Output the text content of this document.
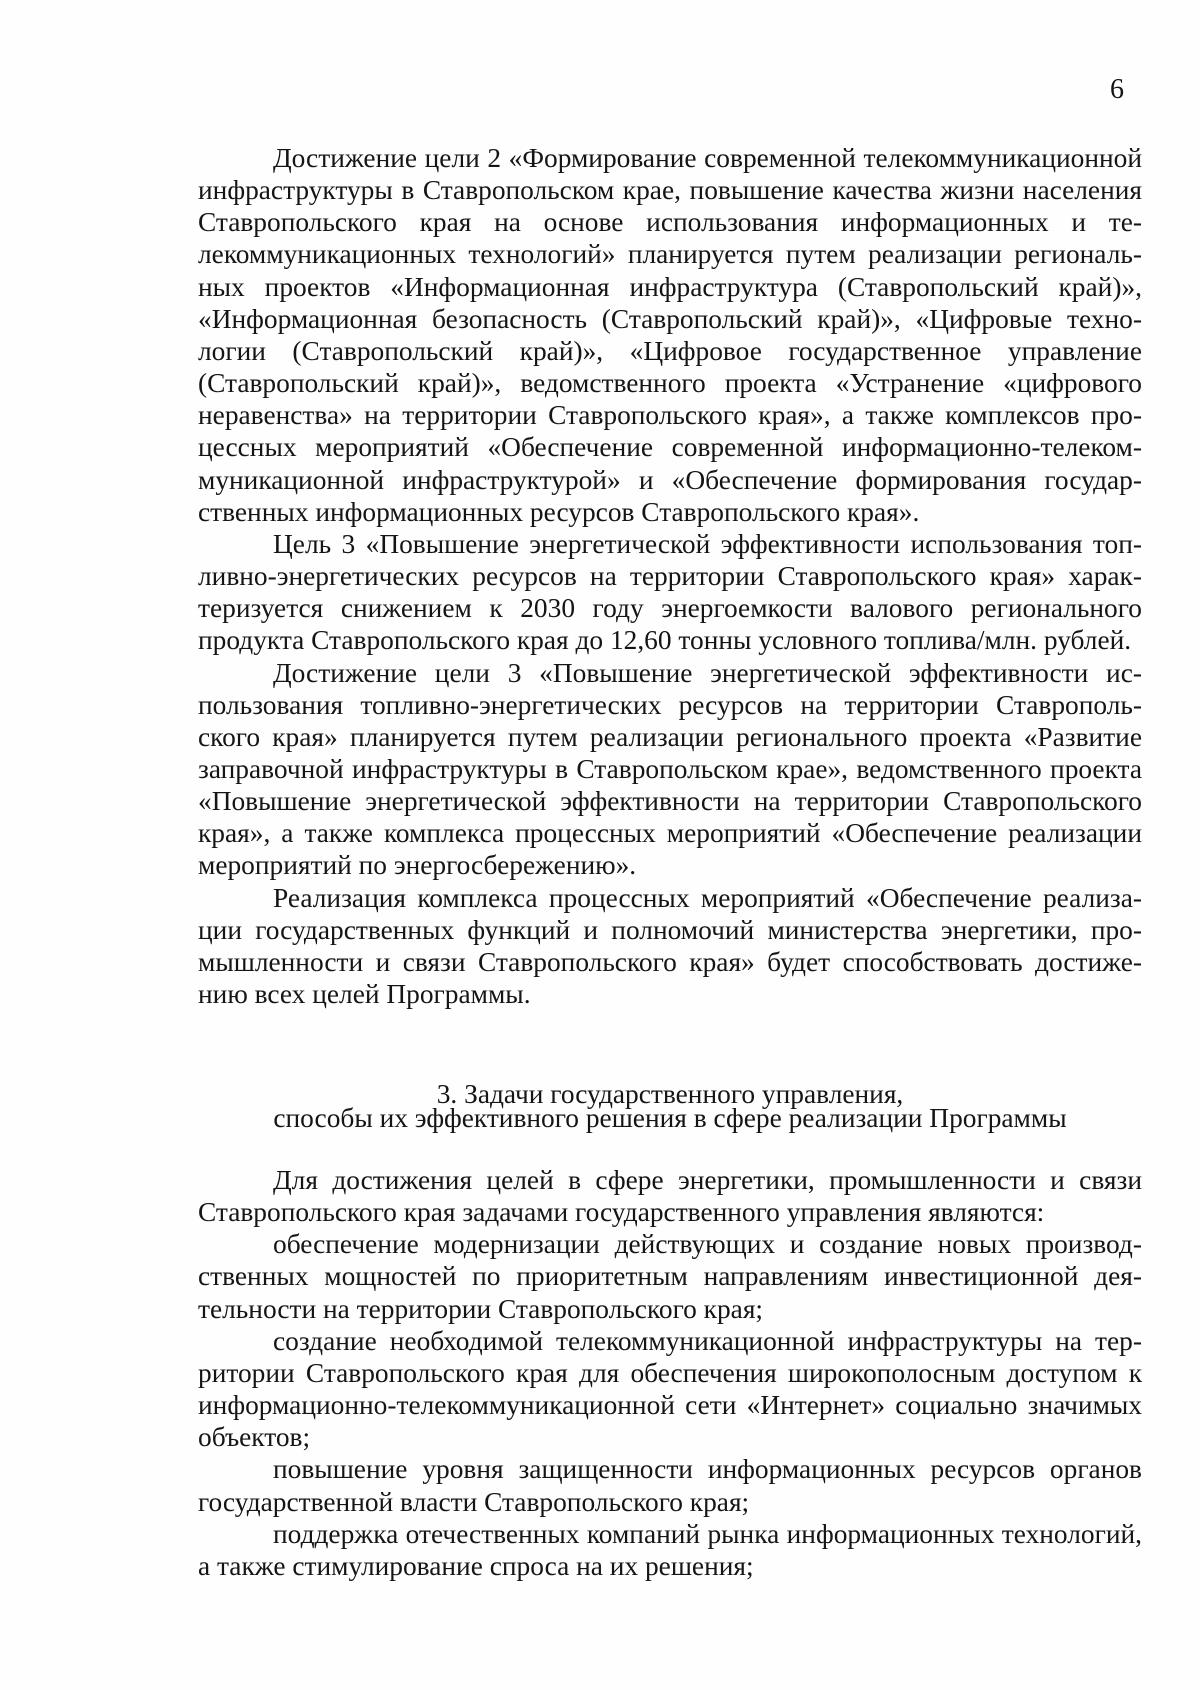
6

Достижение цели 2 «Формирование современной телекоммуникационной инфраструктуры в Ставропольском крае, повышение качества жизни населения Ставропольского края на основе использования информационных и телекоммуникационных технологий» планируется путем реализации региональных проектов «Информационная инфраструктура (Ставропольский край)», «Информационная безопасность (Ставропольский край)», «Цифровые технологии (Ставропольский край)», «Цифровое государственное управление (Ставропольский край)», ведомственного проекта «Устранение «цифрового неравенства» на территории Ставропольского края», а также комплексов процессных мероприятий «Обеспечение современной информационно-телекоммуникационной инфраструктурой» и «Обеспечение формирования государственных информационных ресурсов Ставропольского края».

Цель 3 «Повышение энергетической эффективности использования топливно-энергетических ресурсов на территории Ставропольского края» характеризуется снижением к 2030 году энергоемкости валового регионального продукта Ставропольского края до 12,60 тонны условного топлива/млн. рублей.

Достижение цели 3 «Повышение энергетической эффективности использования топливно-энергетических ресурсов на территории Ставропольского края» планируется путем реализации регионального проекта «Развитие заправочной инфраструктуры в Ставропольском крае», ведомственного проекта «Повышение энергетической эффективности на территории Ставропольского края», а также комплекса процессных мероприятий «Обеспечение реализации мероприятий по энергосбережению».

Реализация комплекса процессных мероприятий «Обеспечение реализации государственных функций и полномочий министерства энергетики, промышленности и связи Ставропольского края» будет способствовать достижению всех целей Программы.

3. Задачи государственного управления,
способы их эффективного решения в сфере реализации Программы

Для достижения целей в сфере энергетики, промышленности и связи Ставропольского края задачами государственного управления являются:

обеспечение модернизации действующих и создание новых производственных мощностей по приоритетным направлениям инвестиционной деятельности на территории Ставропольского края;

создание необходимой телекоммуникационной инфраструктуры на территории Ставропольского края для обеспечения широкополосным доступом к информационно-телекоммуникационной сети «Интернет» социально значимых объектов;

повышение уровня защищенности информационных ресурсов органов государственной власти Ставропольского края;

поддержка отечественных компаний рынка информационных технологий, а также стимулирование спроса на их решения;
